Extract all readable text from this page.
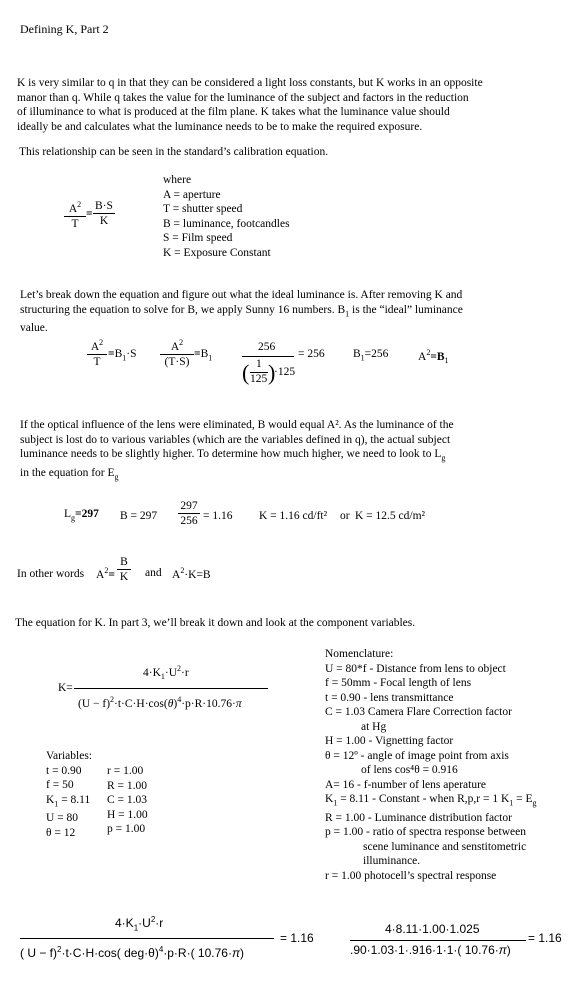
Defining K, Part 2
K is very similar to q in that they can be considered a light loss constants, but K works in an opposite
manor than q. While q takes the value for the luminance of the subject and factors in the reduction
of illuminance to what is produced at the film plane. K takes what the luminance value should
ideally be and calculates what the luminance needs to be to make the required exposure.
This relationship can be seen in the standard’s calibration equation.
$\frac{A^2}{T} = \frac{B\cdot S}{K}$
where
A = aperture
T = shutter speed
B = luminance, footcandles
S = Film speed
K = Exposure Constant
Let’s break down the equation and figure out what the ideal luminance is. After removing K and
structuring the equation to solve for B, we apply Sunny 16 numbers. $B_1$ is the “ideal” luminance
value.
$\frac{A^2}{T} =B_1\cdot S \frac{A^2}{(T\cdot S)} =B_1$
256
( 1
125 )
·125
= 256 $B_1=256$	$A^2=B_1$
If the optical influence of the lens were eliminated, B would equal A². As the luminance of the
subject is lost do to various variables (which are the variables defined in q), the actual subject
luminance needs to be slightly higher. To determine how much higher, we need to look to $L_g$
in the equation for $E_g$
$L_g=297$ $B = 297 \frac{297}{256} = 1.16$ K = 1.16 cd/ft² or K = 12.5 cd/m²
In other words $A^2= \frac{B}{K}$ and $A^2\cdot K=B$
The equation for K. In part 3, we’ll break it down and look at the component variables.
K=
$4\cdot K_1\cdot U^2\cdot r$
$(U - f)^2\cdot t\cdot C\cdot H\cdot\cos(\theta)^4\cdot p\cdot R\cdot 10.76\cdot\pi$
Variables:
t = 0.90
f = 50
$K_1 = 8.11$
U = 80
θ = 12
r = 1.00
R = 1.00
C = 1.03
H = 1.00
p = 1.00
Nomenclature:
U = 80*f - Distance from lens to object
f = 50mm - Focal length of lens
t = 0.90 - lens transmittance
C = 1.03 Camera Flare Correction factor
at Hg
H = 1.00 - Vignetting factor
θ = 12º - angle of image point from axis
of lens cos⁴θ = 0.916
A= 16 - f-number of lens aperature
$K_1 = 8.11$ - Constant - when R,p,r = 1 $K_1 = E_g$
R = 1.00 - Luminance distribution factor
p = 1.00 - ratio of spectra response between
scene luminance and senstitometric
illuminance.
r = 1.00 photocell’s spectral response
$4\cdot K_1\cdot U^2\cdot r$
( U − f)$^2$·t·C·H·cos( deg·θ)$^4$·p·R·( 10.76·π)
= 1.16
4·8.11·1.00·1.025
.90·1.03·1·.916·1·1·( 10.76·π)
= 1.16
